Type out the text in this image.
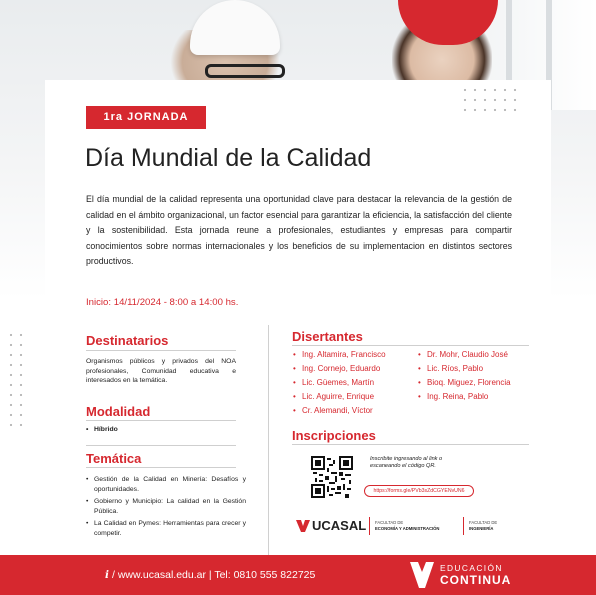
1ra JORNADA
Día Mundial de la Calidad

El día mundial de la calidad representa una oportunidad clave para destacar la relevancia de la gestión de calidad en el ámbito organizacional, un factor esencial para garantizar la eficiencia, la satisfacción del cliente y la sostenibilidad. Esta jornada reune a profesionales, estudiantes y empresas para compartir conocimientos sobre normas internacionales y los beneficios de su implementacion en distintos sectores productivos.

Inicio: 14/11/2024 - 8:00 a 14:00 hs.
Destinatarios
Organismos públicos y privados del NOA profesionales, Comunidad educativa e interesados en la temática.
Modalidad
• Híbrido
Temática
• Gestión de la Calidad en Minería: Desafíos y oportunidades.
• Gobierno y Municipio: La calidad en la Gestión Pública.
• La Calidad en Pymes: Herramientas para crecer y competir.
Disertantes
• Ing. Altamira, Francisco
• Ing. Cornejo, Eduardo
• Lic. Güemes, Martín
• Lic. Aguirre, Enrique
• Cr. Alemandi, Víctor
• Dr. Mohr, Claudio José
• Lic. Ríos, Pablo
• Bioq. Miguez, Florencia
• Ing. Reina, Pablo
Inscripciones
Inscribite ingresando al link o escaneando el código QR.
https://forms.gle/PVb3sZdCGYENvUN6
UCASAL FACULTAD DE
ECONOMÍA Y ADMINISTRACIÓN
FACULTAD DE
INGENIERÍA
i / www.ucasal.edu.ar | Tel: 0810 555 822725
EDUCACIÓN
CONTINUA
